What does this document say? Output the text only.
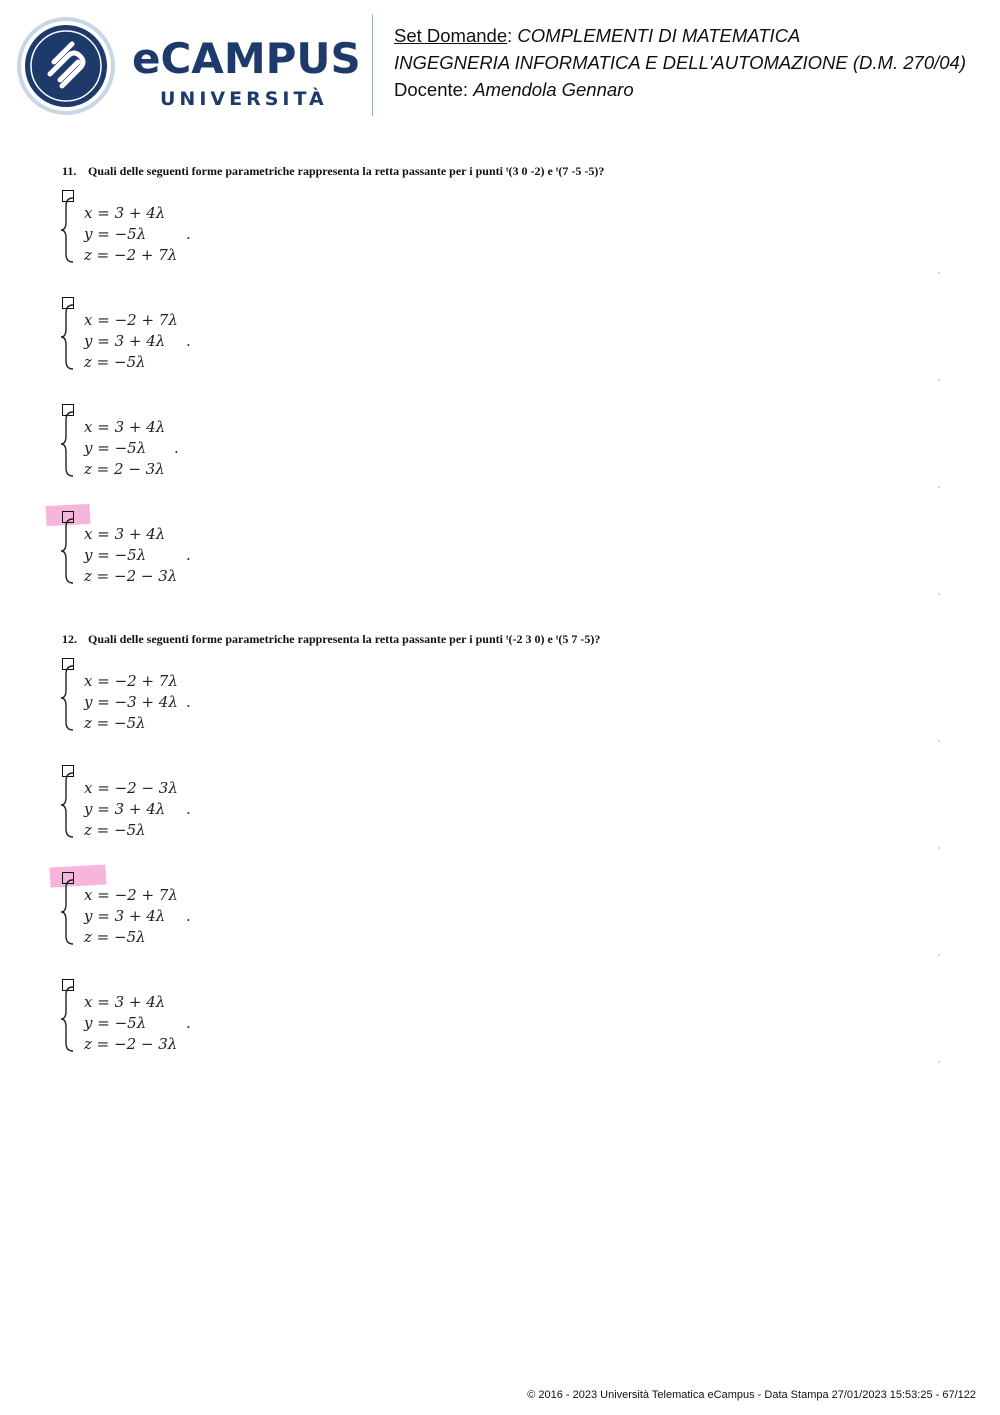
eCAMPUS
UNIVERSITÀ
Set Domande: COMPLEMENTI DI MATEMATICA
INGEGNERIA INFORMATICA E DELL'AUTOMAZIONE (D.M. 270/04)
Docente: Amendola Gennaro
11. Quali delle seguenti forme parametriche rappresenta la retta passante per i punti ᵗ(3 0 -2) e ᵗ(7 -5 -5)?
x = 3 + 4λ
y = −5λ
z = −2 + 7λ
.
x = −2 + 7λ
y = 3 + 4λ
z = −5λ
.
x = 3 + 4λ
y = −5λ
z = 2 − 3λ
.
x = 3 + 4λ
y = −5λ
z = −2 − 3λ
.
12. Quali delle seguenti forme parametriche rappresenta la retta passante per i punti ᵗ(-2 3 0) e ᵗ(5 7 -5)?
x = −2 + 7λ
y = −3 + 4λ
z = −5λ
.
x = −2 − 3λ
y = 3 + 4λ
z = −5λ
.
x = −2 + 7λ
y = 3 + 4λ
z = −5λ
.
x = 3 + 4λ
y = −5λ
z = −2 − 3λ
.
© 2016 - 2023 Università Telematica eCampus - Data Stampa 27/01/2023 15:53:25 - 67/122
